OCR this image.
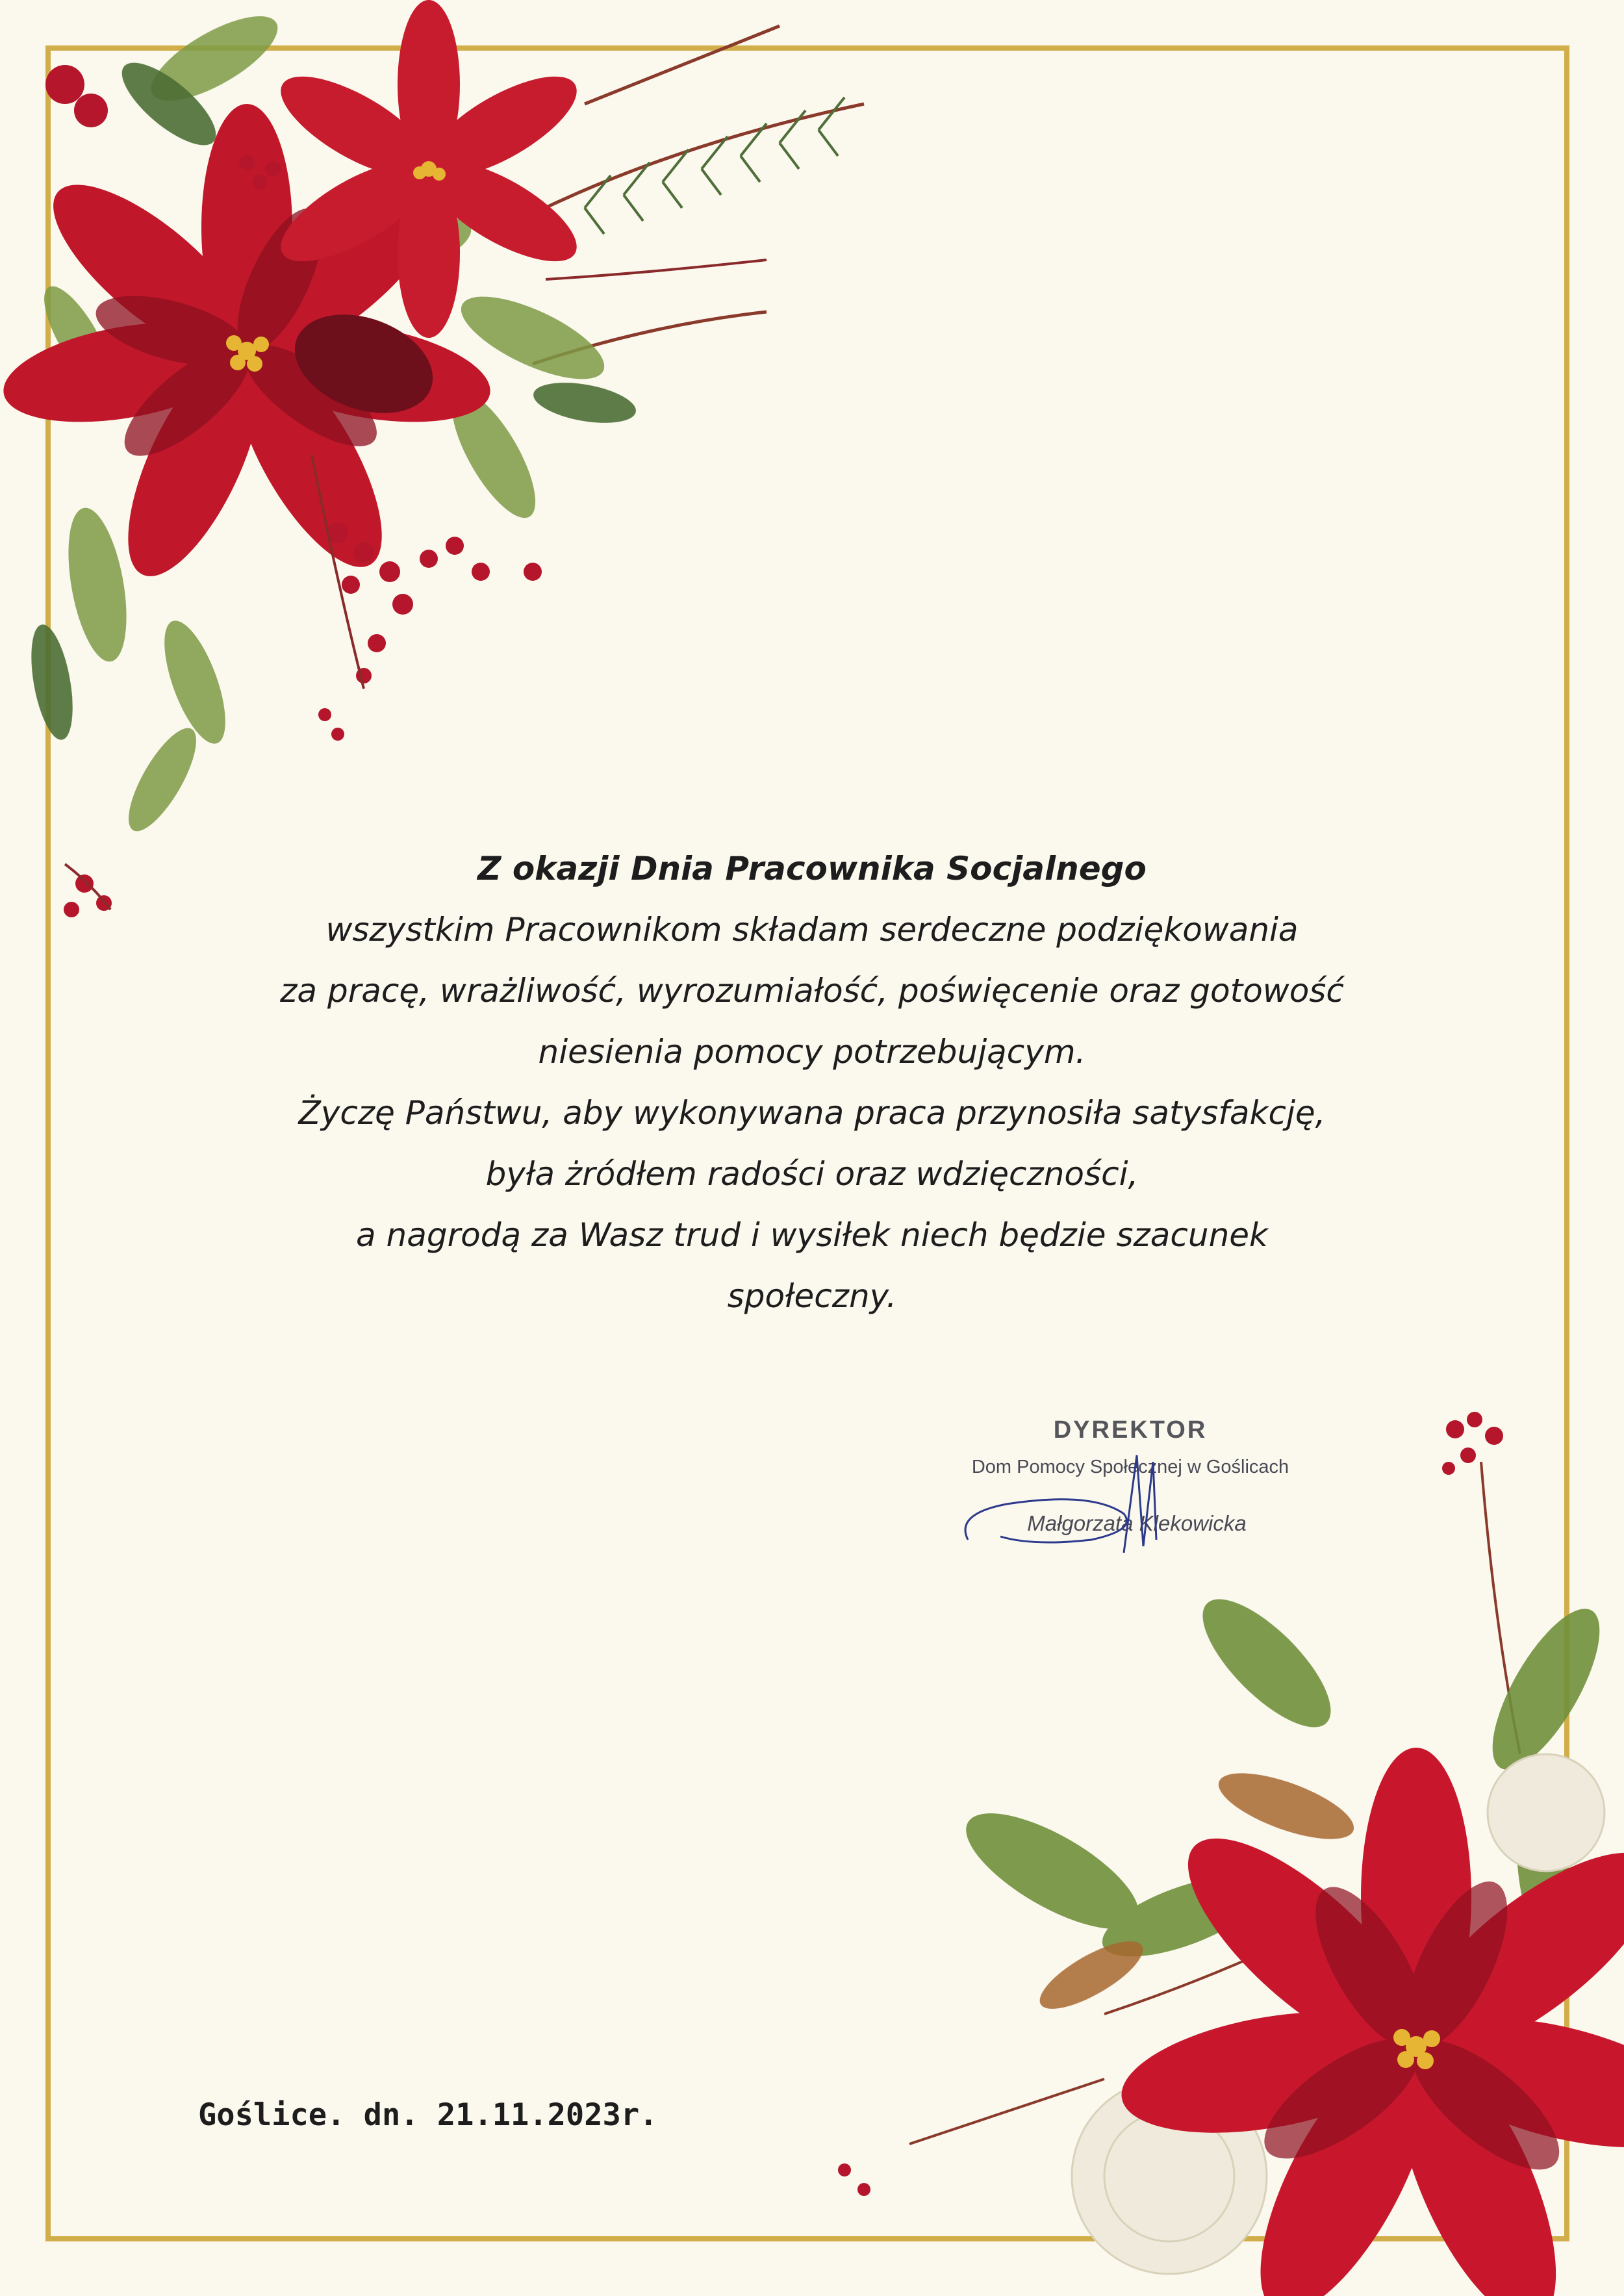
Z okazji Dnia Pracownika Socjalnego
wszystkim Pracownikom składam serdeczne podziękowania
za pracę, wrażliwość, wyrozumiałość, poświęcenie oraz gotowość
niesienia pomocy potrzebującym.
Życzę Państwu, aby wykonywana praca przynosiła satysfakcję,
była żródłem radości oraz wdzięczności,
a nagrodą za Wasz trud i wysiłek niech będzie szacunek
społeczny.
DYREKTOR
Dom Pomocy Społecznej w Goślicach
Małgorzata Klekowicka
Goślice. dn. 21.11.2023r.
